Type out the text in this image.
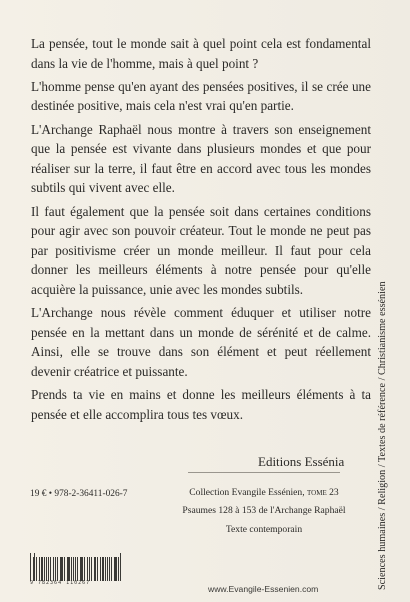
La pensée, tout le monde sait à quel point cela est fondamental dans la vie de l'homme, mais à quel point ?

L'homme pense qu'en ayant des pensées positives, il se crée une destinée positive, mais cela n'est vrai qu'en partie.

L'Archange Raphaël nous montre à travers son enseignement que la pensée est vivante dans plusieurs mondes et que pour réaliser sur la terre, il faut être en accord avec tous les mondes subtils qui vivent avec elle.

Il faut également que la pensée soit dans certaines conditions pour agir avec son pouvoir créateur. Tout le monde ne peut pas par positivisme créer un monde meilleur. Il faut pour cela donner les meilleurs éléments à notre pensée pour qu'elle acquière la puissance, unie avec les mondes subtils.

L'Archange nous révèle comment éduquer et utiliser notre pensée en la mettant dans un monde de sérénité et de calme. Ainsi, elle se trouve dans son élément et peut réellement devenir créatrice et puissante.

Prends ta vie en mains et donne les meilleurs éléments à ta pensée et elle accomplira tous tes vœux.	Sciences humaines / Religion / Textes de référence / Christianisme essénien
Editions Essénia
19 € • 978-2-36411-026-7	Collection Evangile Essénien, tome 23
Psaumes 128 à 153 de l'Archange Raphaël
Texte contemporain
9 782364 110267
www.Evangile-Essenien.com
